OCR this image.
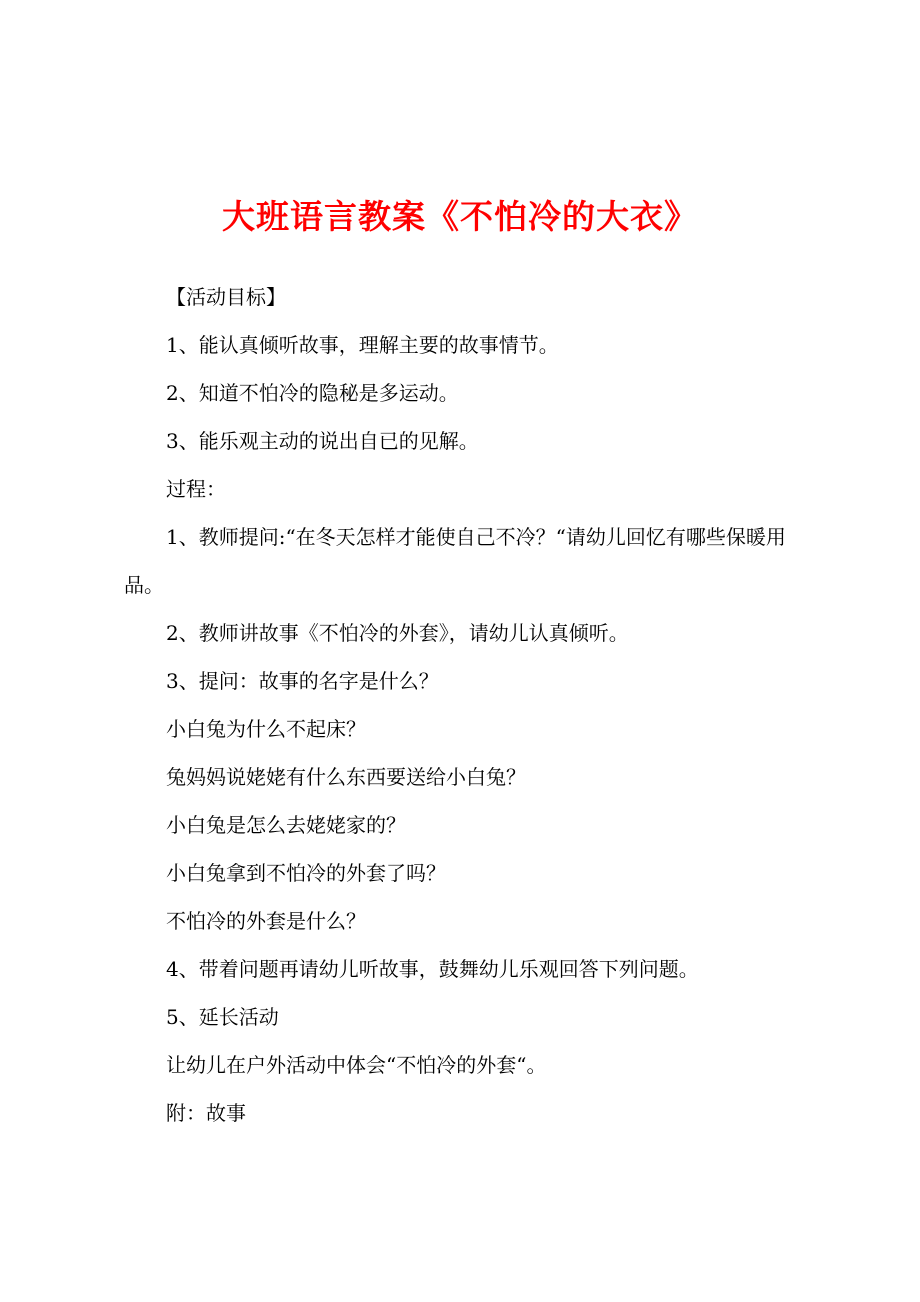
大班语言教案《不怕冷的大衣》

【活动目标】

1、能认真倾听故事，理解主要的故事情节。

2、知道不怕冷的隐秘是多运动。

3、能乐观主动的说出自已的见解。

过程：

1、教师提问:“在冬天怎样才能使自己不冷？“请幼儿回忆有哪些保暖用品。

2、教师讲故事《不怕冷的外套》，请幼儿认真倾听。

3、提问：故事的名字是什么？

小白兔为什么不起床？

兔妈妈说姥姥有什么东西要送给小白兔？

小白兔是怎么去姥姥家的？

小白兔拿到不怕冷的外套了吗？

不怕冷的外套是什么？

4、带着问题再请幼儿听故事，鼓舞幼儿乐观回答下列问题。

5、延长活动

让幼儿在户外活动中体会“不怕冷的外套“。

附：故事
